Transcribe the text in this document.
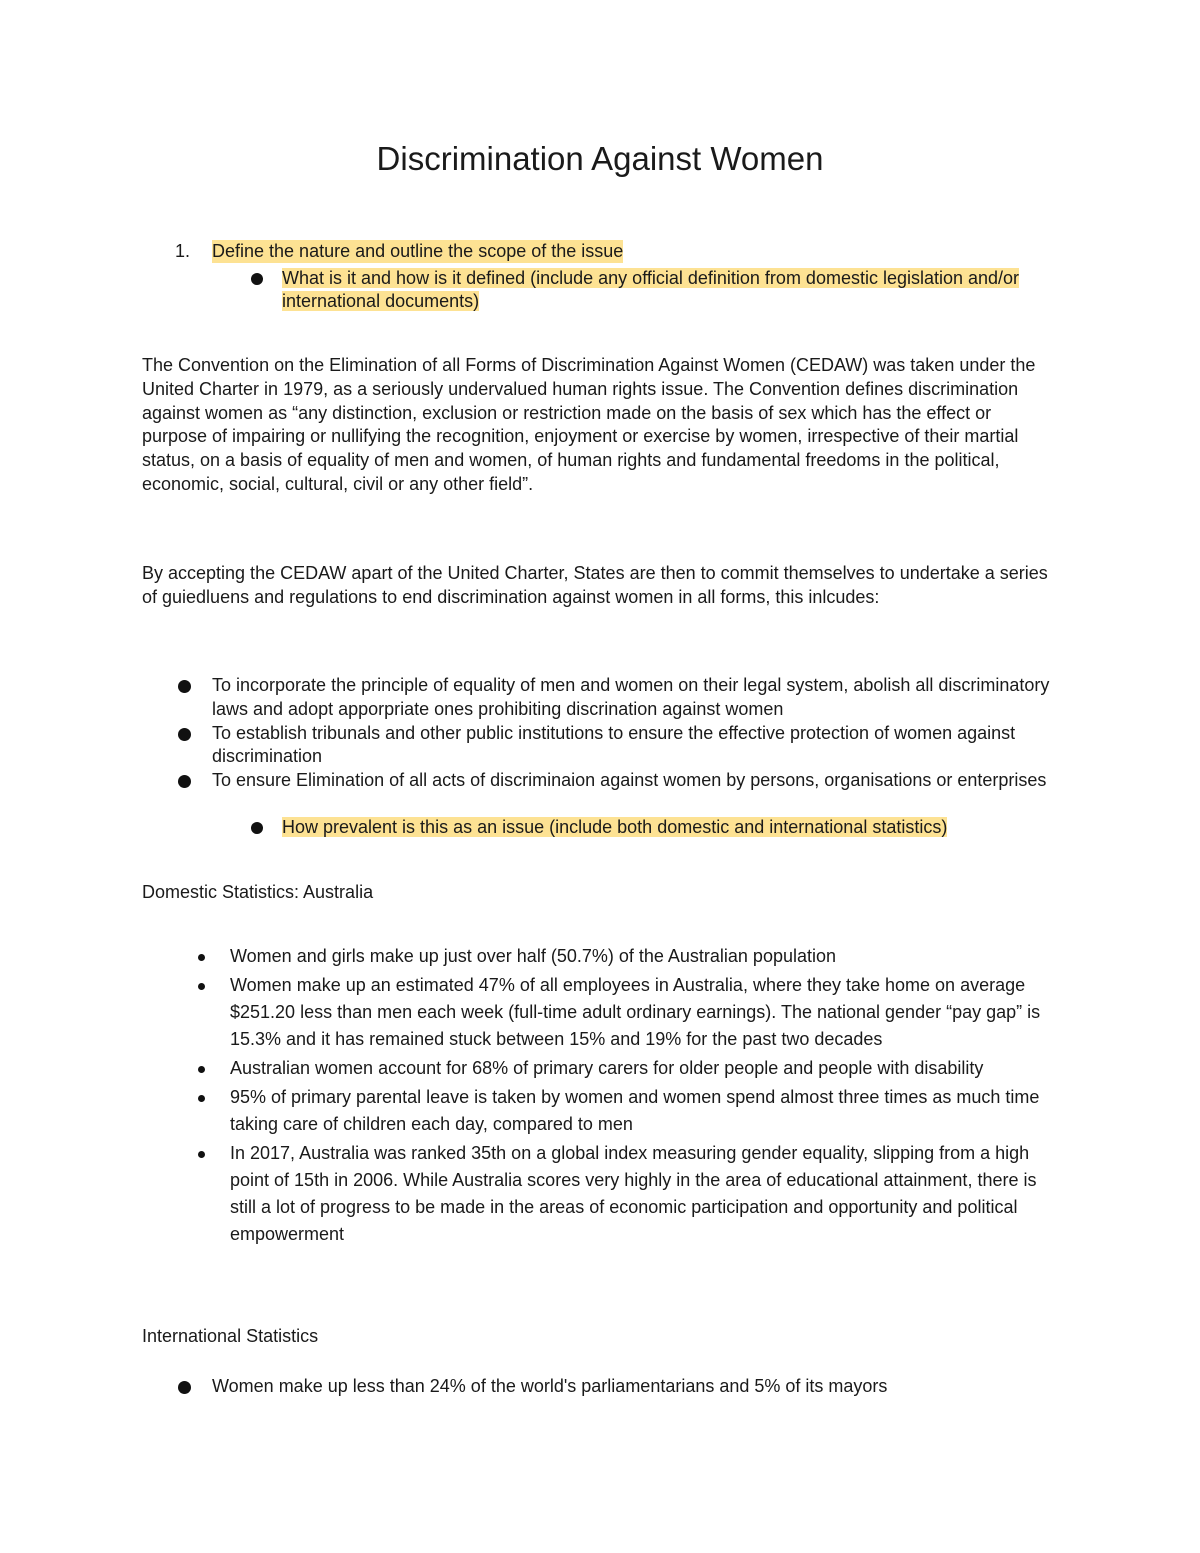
Discrimination Against Women
1. Define the nature and outline the scope of the issue
What is it and how is it defined (include any official definition from domestic legislation and/or international documents)

The Convention on the Elimination of all Forms of Discrimination Against Women (CEDAW) was taken under the United Charter in 1979, as a seriously undervalued human rights issue. The Convention defines discrimination against women as “any distinction, exclusion or restriction made on the basis of sex which has the effect or purpose of impairing or nullifying the recognition, enjoyment or exercise by women, irrespective of their martial status, on a basis of equality of men and women, of human rights and fundamental freedoms in the political, economic, social, cultural, civil or any other field”.

By accepting the CEDAW apart of the United Charter, States are then to commit themselves to undertake a series of guiedluens and regulations to end discrimination against women in all forms, this inlcudes:

To incorporate the principle of equality of men and women on their legal system, abolish all discriminatory laws and adopt apporpriate ones prohibiting discrination against women
To establish tribunals and other public institutions to ensure the effective protection of women against discrimination
To ensure Elimination of all acts of discriminaion against women by persons, organisations or enterprises
How prevalent is this as an issue (include both domestic and international statistics)
Domestic Statistics: Australia
Women and girls make up just over half (50.7%) of the Australian population
Women make up an estimated 47% of all employees in Australia, where they take home on average $251.20 less than men each week (full-time adult ordinary earnings). The national gender “pay gap” is 15.3% and it has remained stuck between 15% and 19% for the past two decades
Australian women account for 68% of primary carers for older people and people with disability
95% of primary parental leave is taken by women and women spend almost three times as much time taking care of children each day, compared to men
In 2017, Australia was ranked 35th on a global index measuring gender equality, slipping from a high point of 15th in 2006. While Australia scores very highly in the area of educational attainment, there is still a lot of progress to be made in the areas of economic participation and opportunity and political empowerment
International Statistics
Women make up less than 24% of the world's parliamentarians and 5% of its mayors
